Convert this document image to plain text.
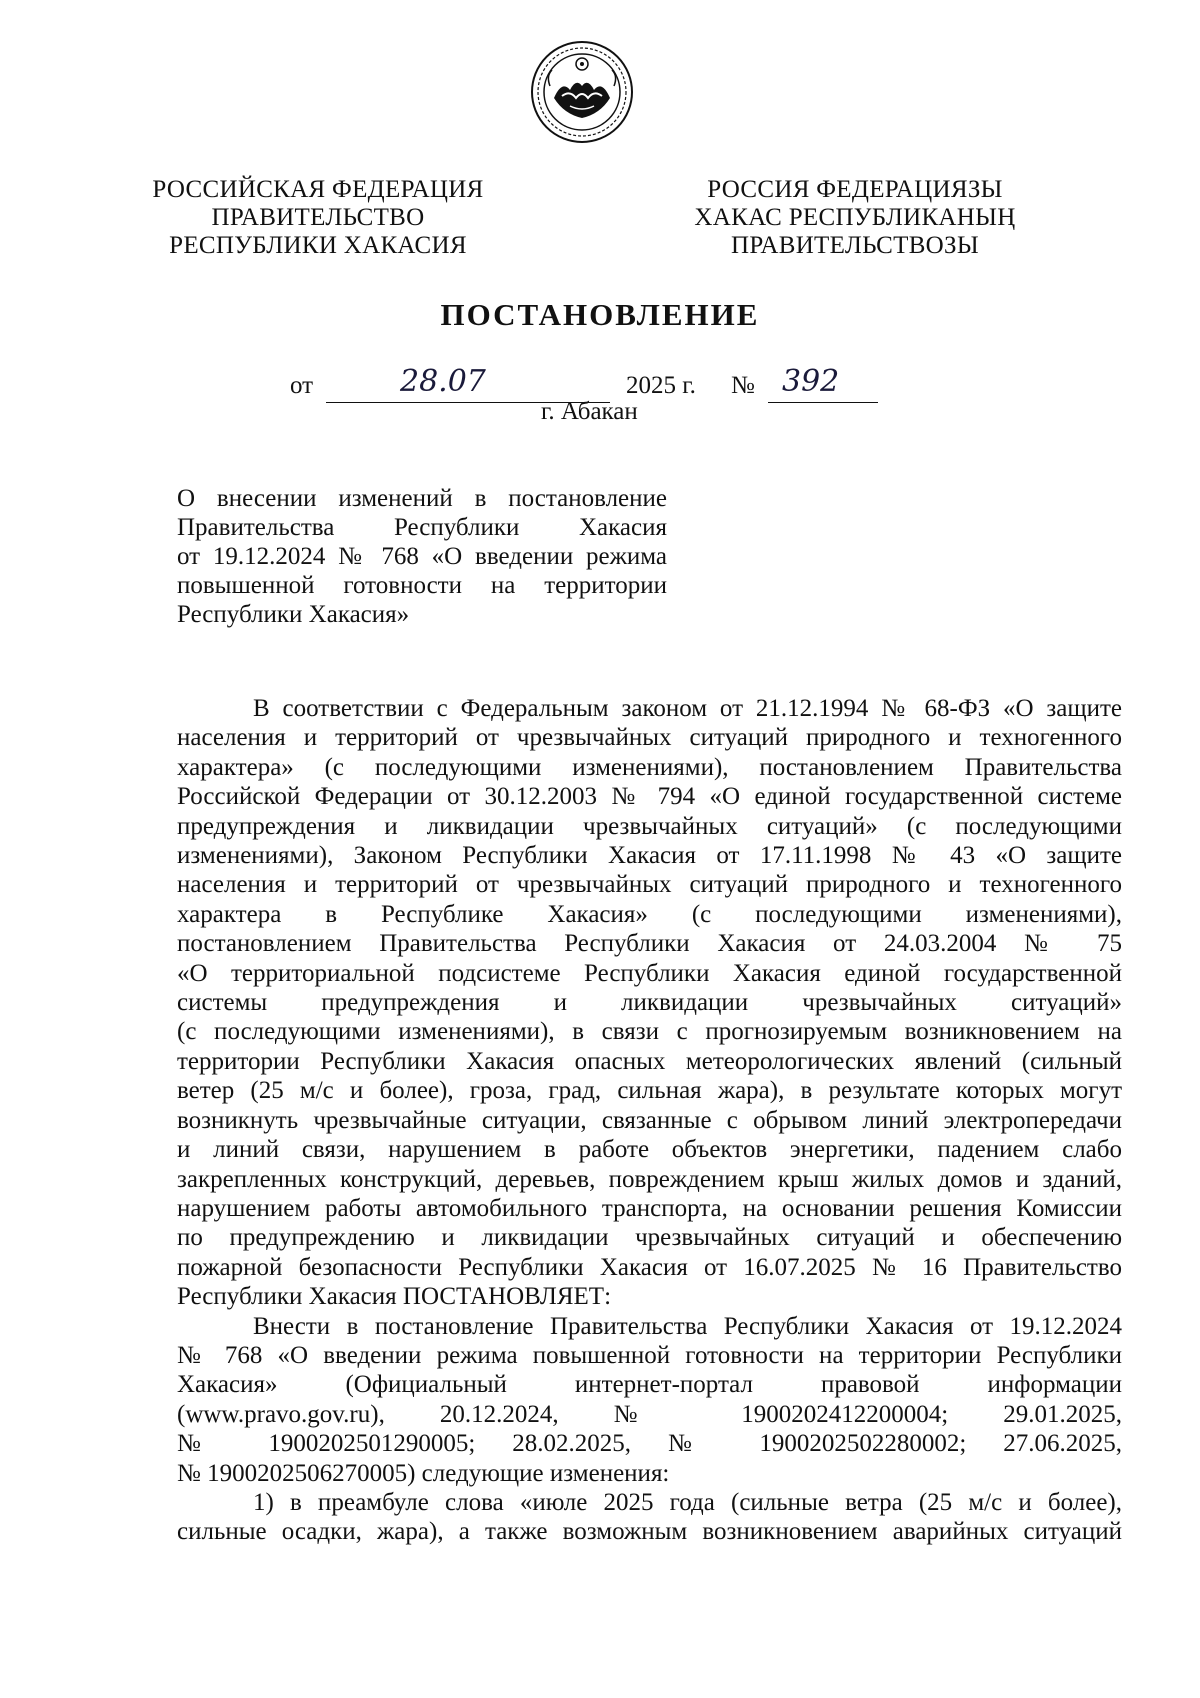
РОССИЙСКАЯ ФЕДЕРАЦИЯ
ПРАВИТЕЛЬСТВО
РЕСПУБЛИКИ ХАКАСИЯ
РОССИЯ ФЕДЕРАЦИЯЗЫ
ХАКАС РЕСПУБЛИКАНЫҢ
ПРАВИТЕЛЬСТВОЗЫ
ПОСТАНОВЛЕНИЕ
от	28.07	2025 г. № 392
г. Абакан
О внесении изменений в постановление
Правительства Республики Хакасия
от 19.12.2024 № 768 «О введении режима
повышенной готовности на территории
Республики Хакасия»
В соответствии с Федеральным законом от 21.12.1994 № 68-ФЗ «О защите
населения и территорий от чрезвычайных ситуаций природного и техногенного
характера» (с последующими изменениями), постановлением Правительства
Российской Федерации от 30.12.2003 № 794 «О единой государственной системе
предупреждения и ликвидации чрезвычайных ситуаций» (с последующими
изменениями), Законом Республики Хакасия от 17.11.1998 № 43 «О защите
населения и территорий от чрезвычайных ситуаций природного и техногенного
характера в Республике Хакасия» (с последующими изменениями),
постановлением Правительства Республики Хакасия от 24.03.2004 № 75
«О территориальной подсистеме Республики Хакасия единой государственной
системы предупреждения и ликвидации чрезвычайных ситуаций»
(с последующими изменениями), в связи с прогнозируемым возникновением на
территории Республики Хакасия опасных метеорологических явлений (сильный
ветер (25 м/с и более), гроза, град, сильная жара), в результате которых могут
возникнуть чрезвычайные ситуации, связанные с обрывом линий электропередачи
и линий связи, нарушением в работе объектов энергетики, падением слабо
закрепленных конструкций, деревьев, повреждением крыш жилых домов и зданий,
нарушением работы автомобильного транспорта, на основании решения Комиссии
по предупреждению и ликвидации чрезвычайных ситуаций и обеспечению
пожарной безопасности Республики Хакасия от 16.07.2025 № 16 Правительство
Республики Хакасия ПОСТАНОВЛЯЕТ:
Внести в постановление Правительства Республики Хакасия от 19.12.2024
№ 768 «О введении режима повышенной готовности на территории Республики
Хакасия» (Официальный интернет-портал правовой информации
(www.pravo.gov.ru), 20.12.2024, № 1900202412200004; 29.01.2025,
№ 1900202501290005; 28.02.2025, № 1900202502280002; 27.06.2025,
№ 1900202506270005) следующие изменения:
1) в преамбуле слова «июле 2025 года (сильные ветра (25 м/с и более),
сильные осадки, жара), а также возможным возникновением аварийных ситуаций
